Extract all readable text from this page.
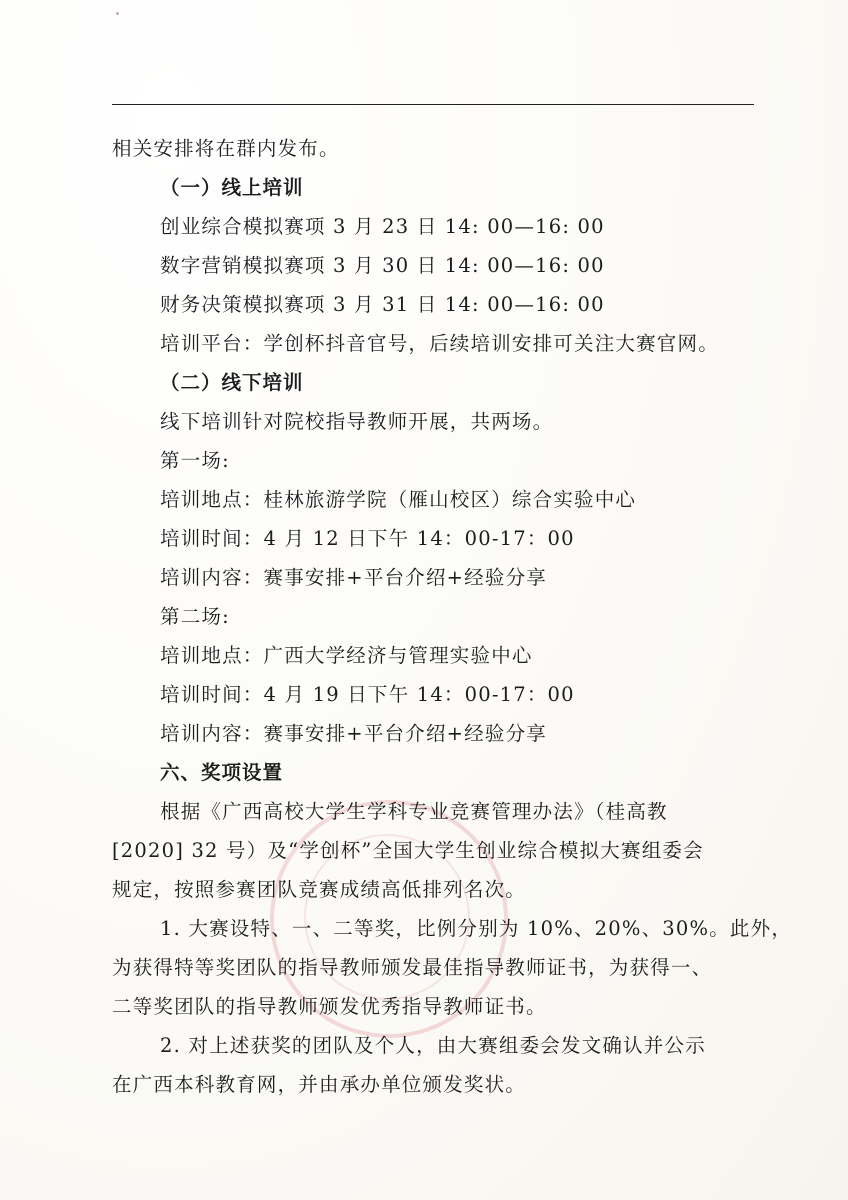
相关安排将在群内发布。
（一）线上培训
创业综合模拟赛项 3 月 23 日 14: 00—16: 00
数字营销模拟赛项 3 月 30 日 14: 00—16: 00
财务决策模拟赛项 3 月 31 日 14: 00—16: 00
培训平台：学创杯抖音官号，后续培训安排可关注大赛官网。
（二）线下培训
线下培训针对院校指导教师开展，共两场。
第一场:
培训地点：桂林旅游学院（雁山校区）综合实验中心
培训时间：4 月 12 日下午 14：00-17：00
培训内容：赛事安排+平台介绍+经验分享
第二场:
培训地点：广西大学经济与管理实验中心
培训时间：4 月 19 日下午 14：00-17：00
培训内容：赛事安排+平台介绍+经验分享
六、奖项设置
根据《广西高校大学生学科专业竞赛管理办法》（桂高教
[2020] 32 号）及“学创杯”全国大学生创业综合模拟大赛组委会
规定，按照参赛团队竞赛成绩高低排列名次。
1. 大赛设特、一、二等奖，比例分别为 10%、20%、30%。此外，
为获得特等奖团队的指导教师颁发最佳指导教师证书，为获得一、
二等奖团队的指导教师颁发优秀指导教师证书。
2. 对上述获奖的团队及个人，由大赛组委会发文确认并公示
在广西本科教育网，并由承办单位颁发奖状。
